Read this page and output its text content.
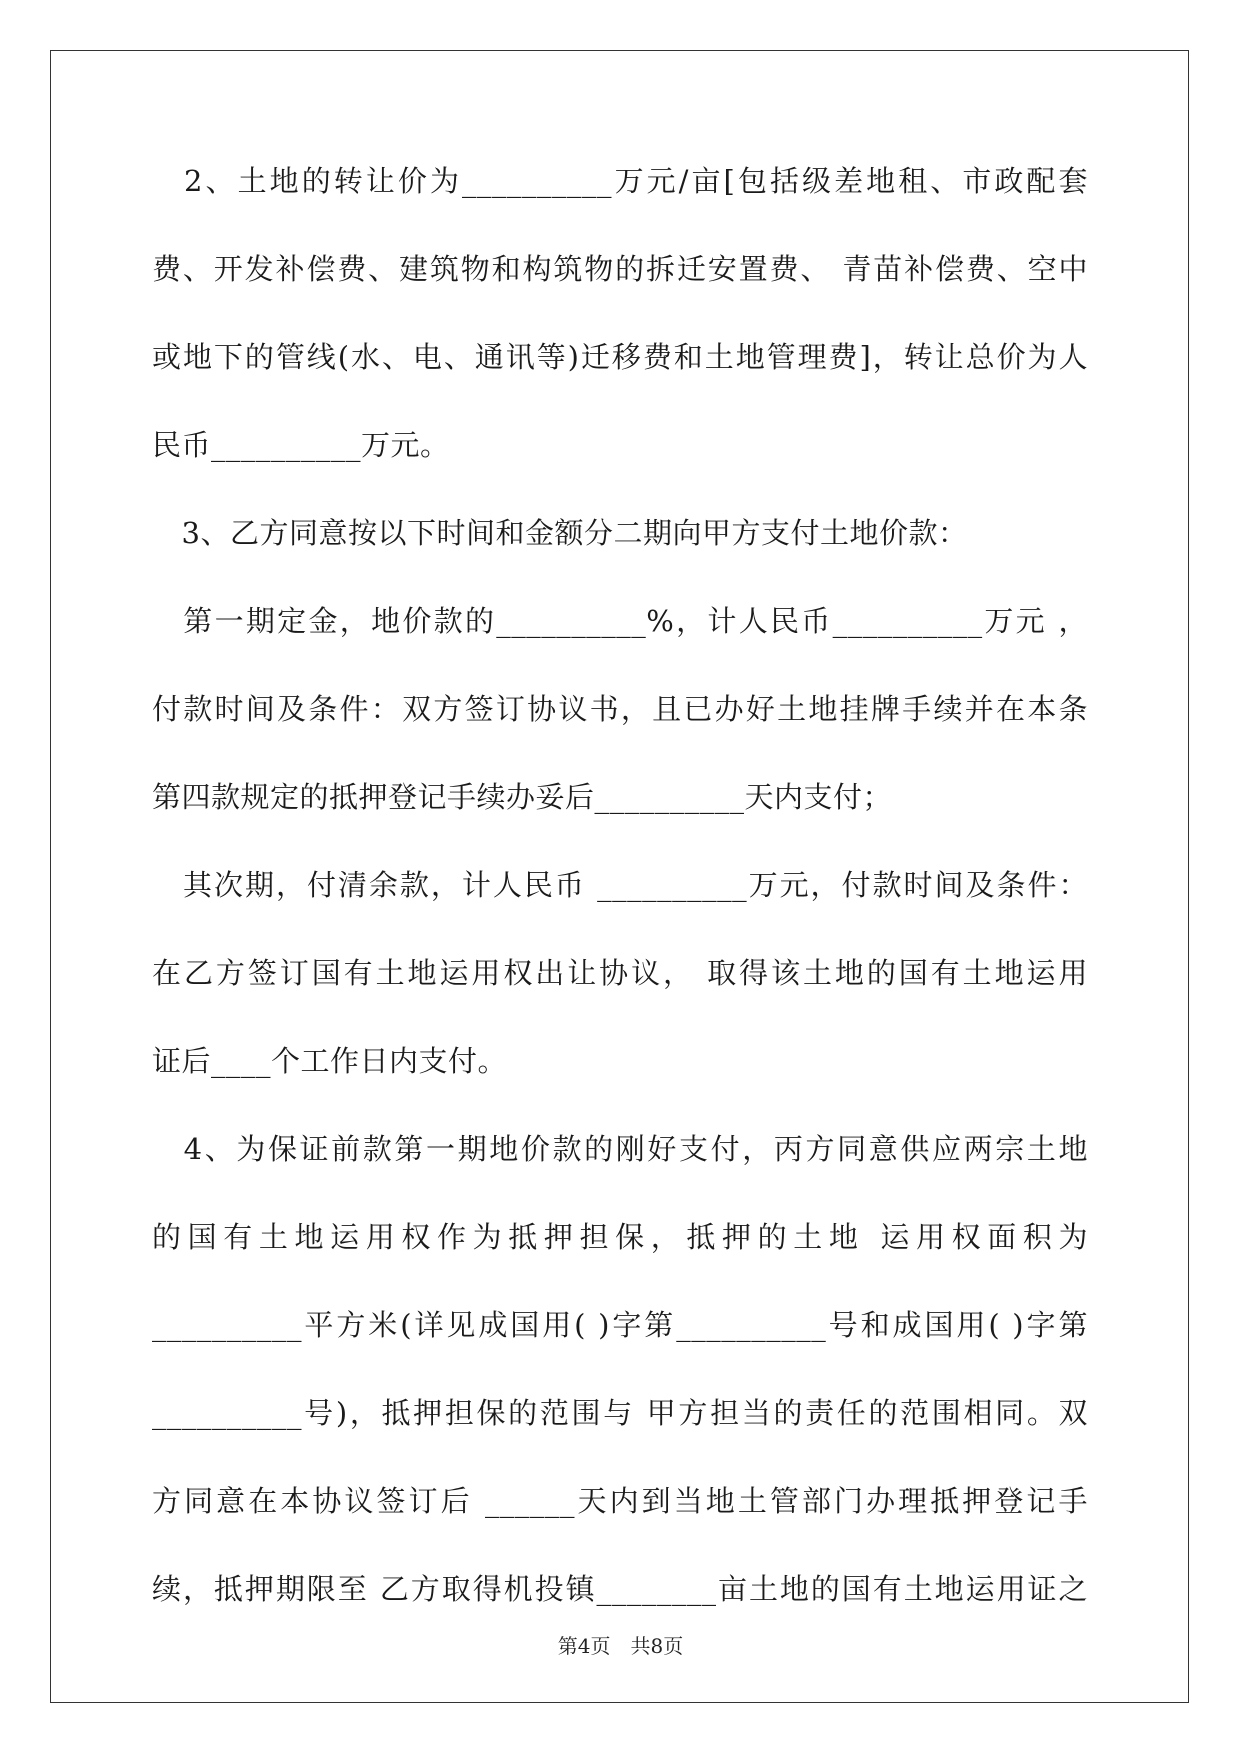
　2、土地的转让价为__________万元/亩[包括级差地租、市政配套
费、开发补偿费、建筑物和构筑物的拆迁安置费、 青苗补偿费、空中
或地下的管线(水、电、通讯等)迁移费和土地管理费]，转让总价为人
民币__________万元。
　3、乙方同意按以下时间和金额分二期向甲方支付土地价款：
　第一期定金，地价款的__________%，计人民币__________万元 ，
付款时间及条件：双方签订协议书，且已办好土地挂牌手续并在本条
第四款规定的抵押登记手续办妥后__________天内支付；
　其次期，付清余款，计人民币 __________万元，付款时间及条件：
在乙方签订国有土地运用权出让协议， 取得该土地的国有土地运用
证后____个工作日内支付。
　4、为保证前款第一期地价款的刚好支付，丙方同意供应两宗土地
的国有土地运用权作为抵押担保，抵押的土地 运用权面积为
__________平方米(详见成国用( )字第__________号和成国用( )字第
__________号)，抵押担保的范围与 甲方担当的责任的范围相同。双
方同意在本协议签订后 ______天内到当地土管部门办理抵押登记手
续，抵押期限至 乙方取得机投镇________亩土地的国有土地运用证之
第4页　共8页
